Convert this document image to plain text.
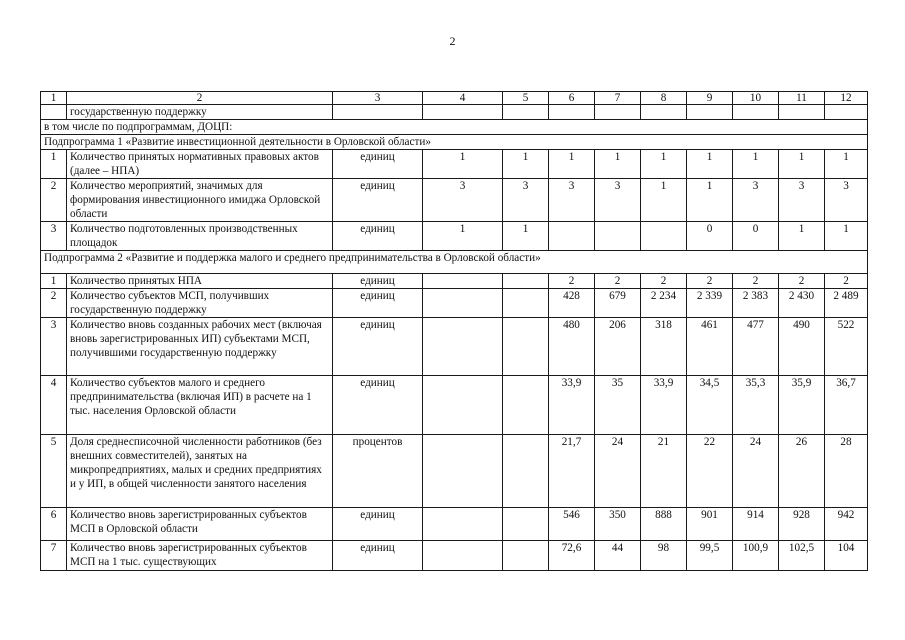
2
1	2	3	4	5	6	7	8	9	10	11	12
	государственную поддержку										
в том числе по подпрограммам, ДОЦП:											
Подпрограмма 1 «Развитие инвестиционной деятельности в Орловской области»											
1	Количество принятых нормативных правовых актов (далее – НПА)	единиц	1	1	1	1	1	1	1	1	1
2	Количество мероприятий, значимых для формирования инвестиционного имиджа Орловской области	единиц	3	3	3	3	1	1	3	3	3
3	Количество подготовленных производственных площадок	единиц	1	1				0	0	1	1
Подпрограмма 2 «Развитие и поддержка малого и среднего предпринимательства в Орловской области»											
1	Количество принятых НПА	единиц			2	2	2	2	2	2	2
2	Количество субъектов МСП, получивших государственную поддержку	единиц			428	679	2 234	2 339	2 383	2 430	2 489
3	Количество вновь созданных рабочих мест (включая вновь зарегистрированных ИП) субъектами МСП, получившими государственную поддержку	единиц			480	206	318	461	477	490	522
4	Количество субъектов малого и среднего предпринимательства (включая ИП) в расчете на 1 тыс. населения Орловской области	единиц			33,9	35	33,9	34,5	35,3	35,9	36,7
5	Доля среднесписочной численности работников (без внешних совместителей), занятых на микропредприятиях, малых и средних предприятиях и у ИП, в общей численности занятого населения	процентов			21,7	24	21	22	24	26	28
6	Количество вновь зарегистрированных субъектов МСП в Орловской области	единиц			546	350	888	901	914	928	942
7	Количество вновь зарегистрированных субъектов МСП на 1 тыс. существующих	единиц			72,6	44	98	99,5	100,9	102,5	104
